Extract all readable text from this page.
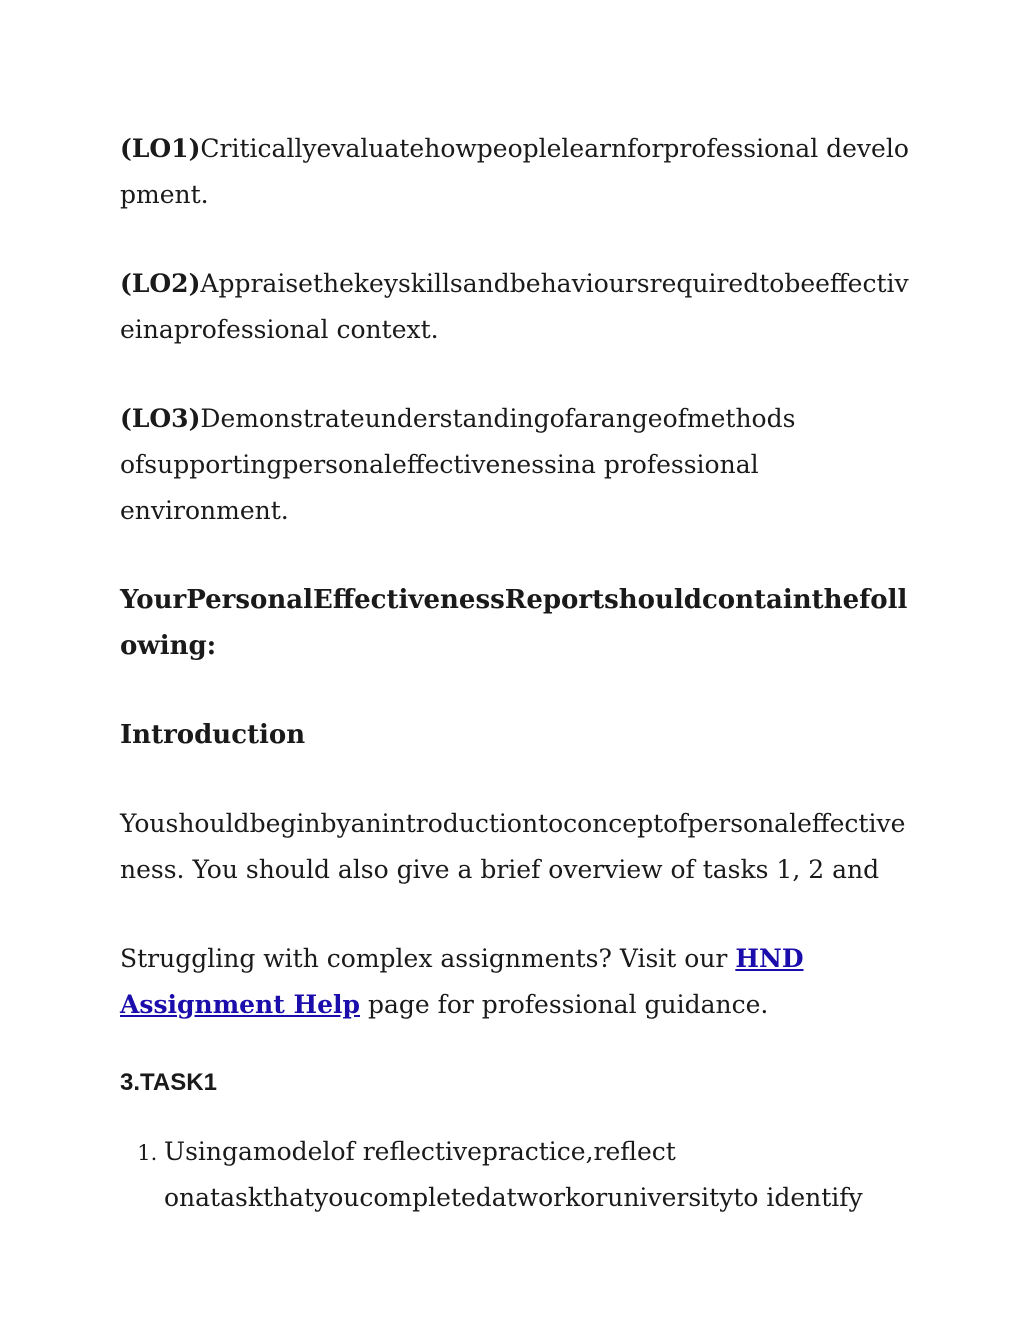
(LO1)Criticallyevaluatehowpeoplelearnforprofessional development.

(LO2)Appraisethekeyskillsandbehavioursrequiredtobeeffectiveinaprofessional context.

(LO3)Demonstrateunderstandingofarangeofmethods ofsupportingpersonaleffectivenessina professional environment.

YourPersonalEffectivenessReportshouldcontainthefollowing:

Introduction

Youshouldbeginbyanintroductiontoconceptofpersonaleffectiveness. You should also give a brief overview of tasks 1, 2 and

Struggling with complex assignments? Visit our HND Assignment Help page for professional guidance.

3.TASK1
1. Usingamodelof reflectivepractice,reflect onataskthatyoucompletedatworkoruniversityto identify
